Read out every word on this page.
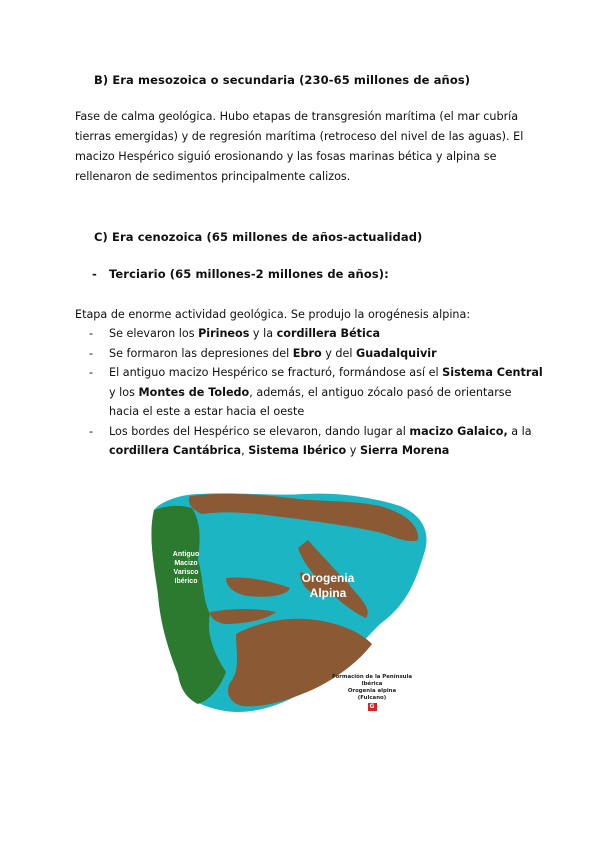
B) Era mesozoica o secundaria (230-65 millones de años)

Fase de calma geológica. Hubo etapas de transgresión marítima (el mar cubría
tierras emergidas) y de regresión marítima (retroceso del nivel de las aguas). El
macizo Hespérico siguió erosionando y las fosas marinas bética y alpina se
rellenaron de sedimentos principalmente calizos.

C) Era cenozoica (65 millones de años-actualidad)
- Terciario (65 millones-2 millones de años):

Etapa de enorme actividad geológica. Se produjo la orogénesis alpina:

- Se elevaron los Pirineos y la cordillera Bética
- Se formaron las depresiones del Ebro y del Guadalquivir
- El antiguo macizo Hespérico se fracturó, formándose así el Sistema Central y los Montes de Toledo, además, el antiguo zócalo pasó de orientarse hacia el este a estar hacia el oeste
- Los bordes del Hespérico se elevaron, dando lugar al macizo Galaico, a la cordillera Cantábrica, Sistema Ibérico y Sierra Morena
Antiguo
Macizo
Varisco
Ibérico	Orogenia
Alpina
Formación de la Península
Ibérica
Orogenia alpina
(Fulcano)
G
